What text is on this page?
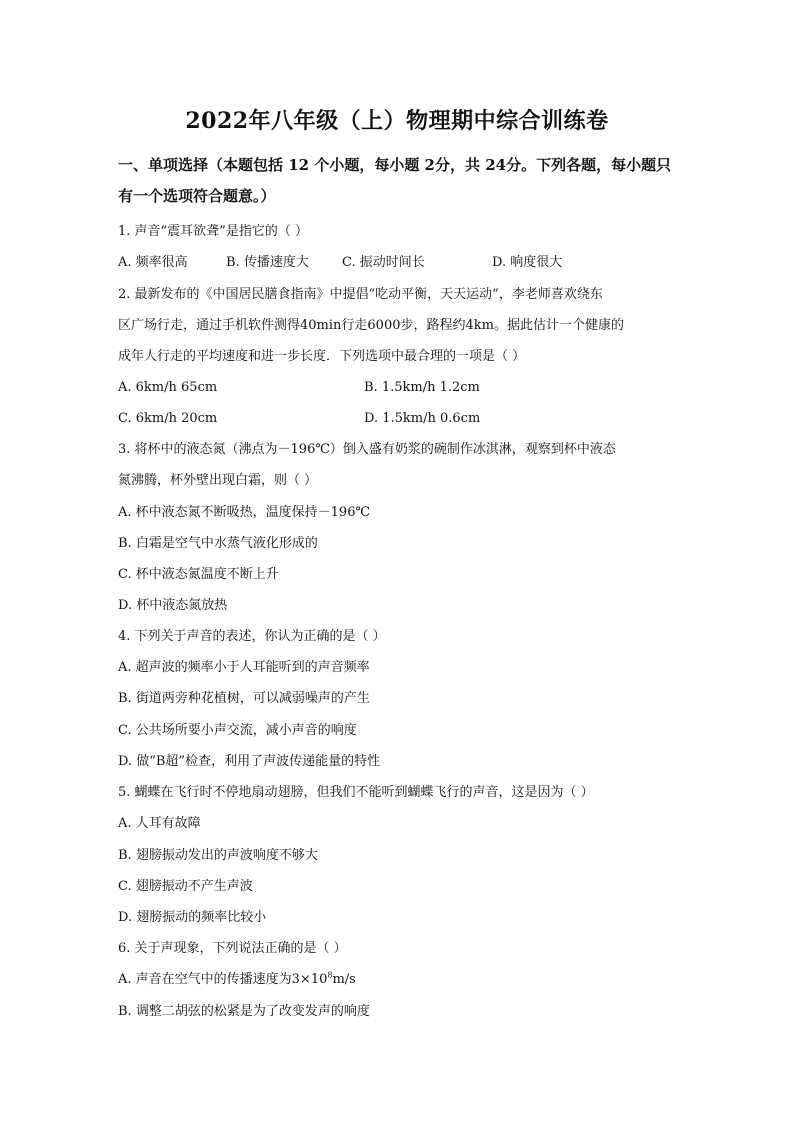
2022年八年级（上）物理期中综合训练卷
一、单项选择（本题包括 12 个小题，每小题 2分，共 24分。下列各题，每小题只有一个选项符合题意。）
1. 声音“震耳欲聋”是指它的（ ）
A. 频率很高	B. 传播速度大	C. 振动时间长	D. 响度很大
2. 最新发布的《中国居民膳食指南》中提倡“吃动平衡，天天运动”，李老师喜欢绕东
区广场行走，通过手机软件测得40min行走6000步，路程约4km。据此估计一个健康的
成年人行走的平均速度和进一步长度．下列选项中最合理的一项是（ ）
A. 6km/h 65cm	B. 1.5km/h 1.2cm
C. 6km/h 20cm	D. 1.5km/h 0.6cm
3. 将杯中的液态氮（沸点为－196℃）倒入盛有奶浆的碗制作冰淇淋，观察到杯中液态
氮沸腾，杯外壁出现白霜，则（ ）
A. 杯中液态氮不断吸热，温度保持－196℃
B. 白霜是空气中水蒸气液化形成的
C. 杯中液态氮温度不断上升
D. 杯中液态氮放热
4. 下列关于声音的表述，你认为正确的是（ ）
A. 超声波的频率小于人耳能听到的声音频率
B. 街道两旁种花植树，可以减弱噪声的产生
C. 公共场所要小声交流，减小声音的响度
D. 做“B超”检查，利用了声波传递能量的特性
5. 蝴蝶在飞行时不停地扇动翅膀，但我们不能听到蝴蝶飞行的声音，这是因为（ ）
A. 人耳有故障
B. 翅膀振动发出的声波响度不够大
C. 翅膀振动不产生声波
D. 翅膀振动的频率比较小
6. 关于声现象，下列说法正确的是（ ）
A. 声音在空气中的传播速度为$3\times 10^8m/s$
B. 调整二胡弦的松紧是为了改变发声的响度
